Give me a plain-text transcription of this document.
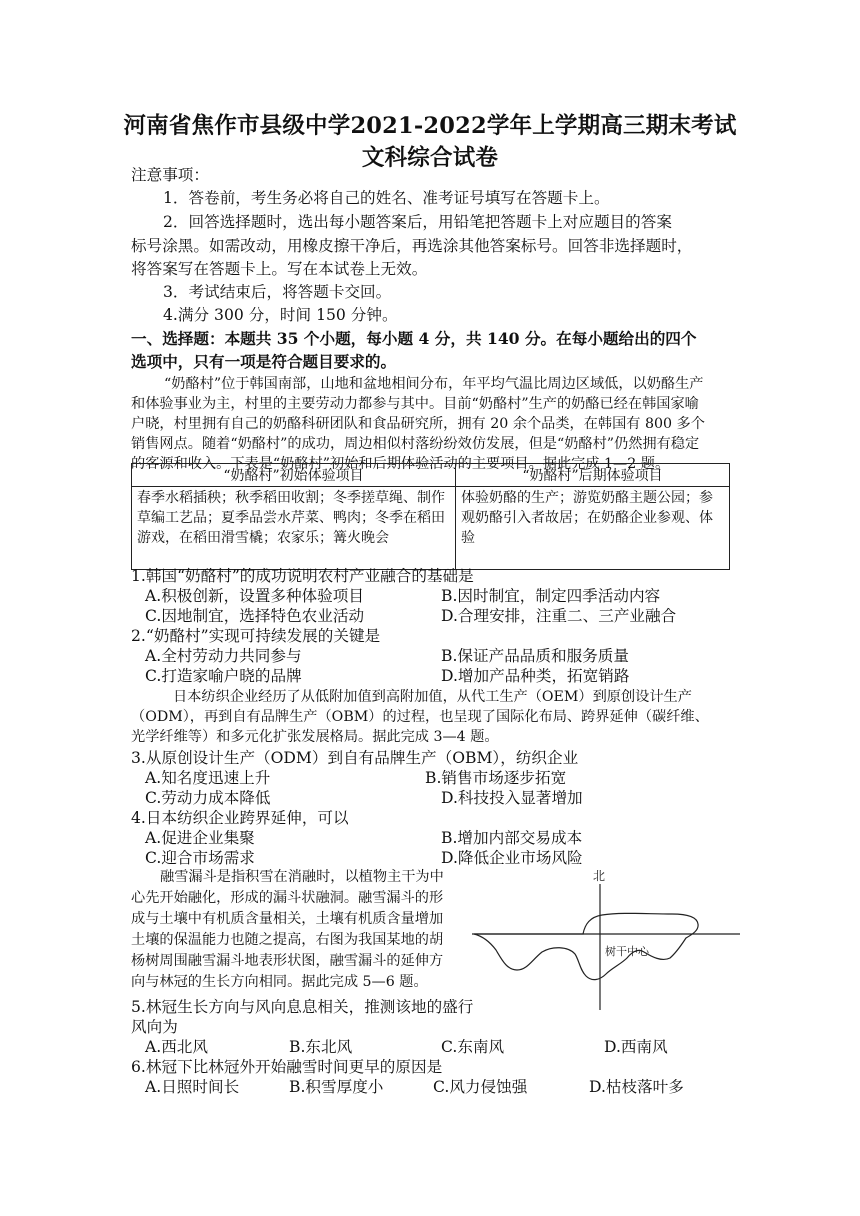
河南省焦作市县级中学2021-2022学年上学期高三期末考试
文科综合试卷
注意事项：
1．答卷前，考生务必将自己的姓名、准考证号填写在答题卡上。
2．回答选择题时，选出每小题答案后，用铅笔把答题卡上对应题目的答案
标号涂黑。如需改动，用橡皮擦干净后，再选涂其他答案标号。回答非选择题时，
将答案写在答题卡上。写在本试卷上无效。
3．考试结束后，将答题卡交回。
4.满分 300 分，时间 150 分钟。
一、选择题：本题共 35 个小题，每小题 4 分，共 140 分。在每小题给出的四个
选项中，只有一项是符合题目要求的。
“奶酪村”位于韩国南部，山地和盆地相间分布，年平均气温比周边区域低，以奶酪生产
和体验事业为主，村里的主要劳动力都参与其中。目前“奶酪村”生产的奶酪已经在韩国家喻
户晓，村里拥有自己的奶酪科研团队和食品研究所，拥有 20 余个品类，在韩国有 800 多个
销售网点。随着“奶酪村”的成功，周边相似村落纷纷效仿发展，但是“奶酪村”仍然拥有稳定
的客源和收入。下表是“奶酪村”初始和后期体验活动的主要项目。据此完成 1—2 题。
“奶酪村”初始体验项目	“奶酪村”后期体验项目
春季水稻插秧；秋季稻田收割；冬季搓草绳、制作草编工艺品；夏季品尝水芹菜、鸭肉；冬季在稻田游戏，在稻田滑雪橇；农家乐；篝火晚会	体验奶酪的生产；游览奶酪主题公园；参观奶酪引入者故居；在奶酪企业参观、体验
1.韩国“奶酪村”的成功说明农村产业融合的基础是
A.积极创新，设置多种体验项目	B.因时制宜，制定四季活动内容
C.因地制宜，选择特色农业活动	D.合理安排，注重二、三产业融合
2.“奶酪村”实现可持续发展的关键是
A.全村劳动力共同参与	B.保证产品品质和服务质量
C.打造家喻户晓的品牌	D.增加产品种类，拓宽销路
日本纺织企业经历了从低附加值到高附加值，从代工生产（OEM）到原创设计生产
（ODM），再到自有品牌生产（OBM）的过程，也呈现了国际化布局、跨界延伸（碳纤维、
光学纤维等）和多元化扩张发展格局。据此完成 3—4 题。
3.从原创设计生产（ODM）到自有品牌生产（OBM），纺织企业
A.知名度迅速上升	B.销售市场逐步拓宽
C.劳动力成本降低	D.科技投入显著增加
4.日本纺织企业跨界延伸，可以
A.促进企业集聚	B.增加内部交易成本
C.迎合市场需求	D.降低企业市场风险
融雪漏斗是指积雪在消融时，以植物主干为中
心先开始融化，形成的漏斗状融洞。融雪漏斗的形
成与土壤中有机质含量相关，土壤有机质含量增加
土壤的保温能力也随之提高，右图为我国某地的胡
杨树周围融雪漏斗地表形状图，融雪漏斗的延伸方
向与林冠的生长方向相同。据此完成 5—6 题。
北
树干中心
5.林冠生长方向与风向息息相关，推测该地的盛行
风向为
A.西北风	B.东北风	C.东南风	D.西南风
6.林冠下比林冠外开始融雪时间更早的原因是
A.日照时间长	B.积雪厚度小	C.风力侵蚀强	D.枯枝落叶多
